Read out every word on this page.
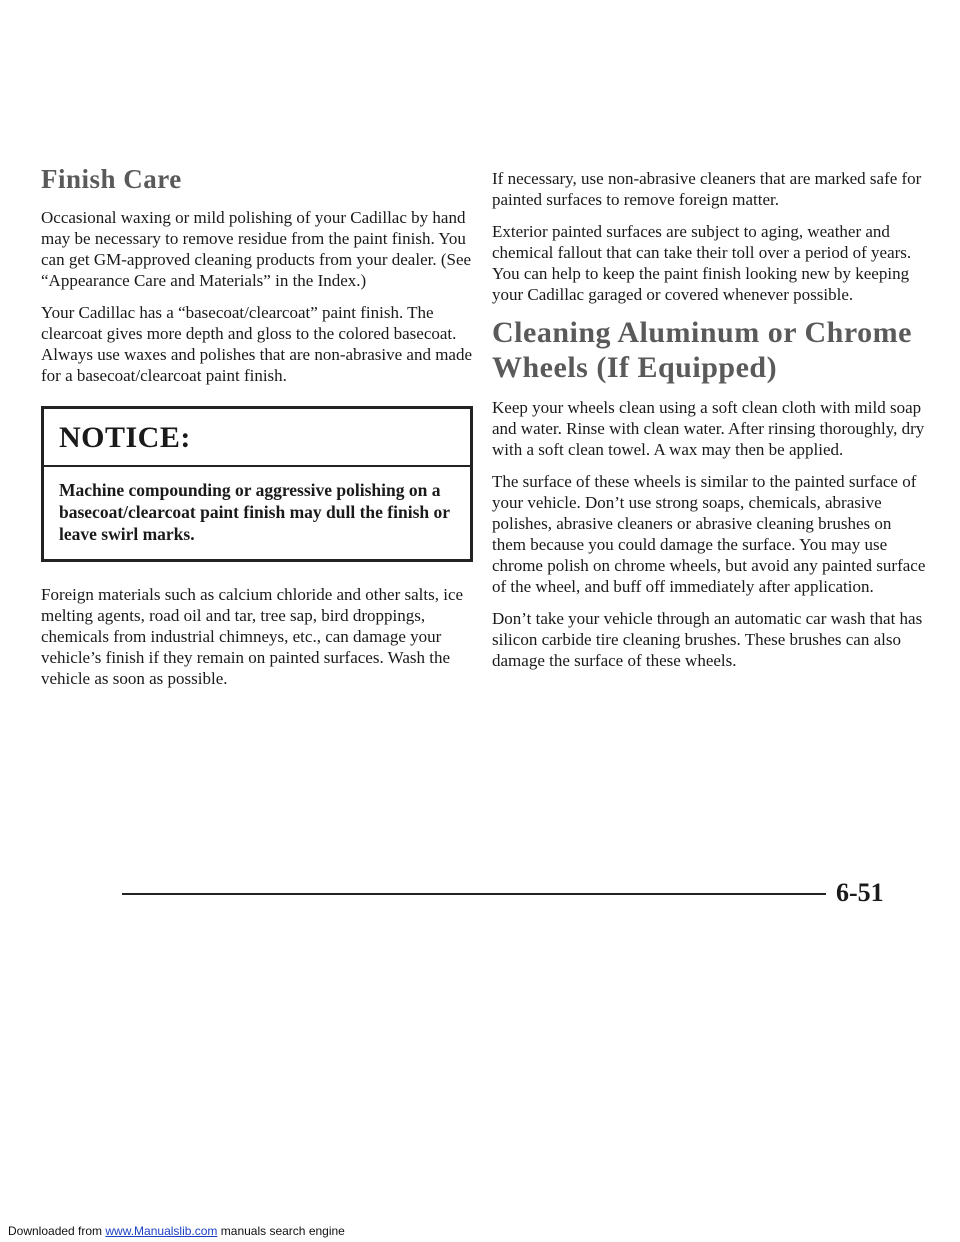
Downloaded from www.Manualslib.com manuals search engine
Finish Care

Occasional waxing or mild polishing of your Cadillac by hand may be necessary to remove residue from the paint finish. You can get GM-approved cleaning products from your dealer. (See “Appearance Care and Materials” in the Index.)

Your Cadillac has a “basecoat/clearcoat” paint finish. The clearcoat gives more depth and gloss to the colored basecoat. Always use waxes and polishes that are non-abrasive and made for a basecoat/clearcoat paint finish.

NOTICE:
Machine compounding or aggressive polishing on a basecoat/clearcoat paint finish may dull the finish or leave swirl marks.

Foreign materials such as calcium chloride and other salts, ice melting agents, road oil and tar, tree sap, bird droppings, chemicals from industrial chimneys, etc., can damage your vehicle’s finish if they remain on painted surfaces. Wash the vehicle as soon as possible.

If necessary, use non-abrasive cleaners that are marked safe for painted surfaces to remove foreign matter.

Exterior painted surfaces are subject to aging, weather and chemical fallout that can take their toll over a period of years. You can help to keep the paint finish looking new by keeping your Cadillac garaged or covered whenever possible.

Cleaning Aluminum or Chrome Wheels (If Equipped)

Keep your wheels clean using a soft clean cloth with mild soap and water. Rinse with clean water. After rinsing thoroughly, dry with a soft clean towel. A wax may then be applied.

The surface of these wheels is similar to the painted surface of your vehicle. Don’t use strong soaps, chemicals, abrasive polishes, abrasive cleaners or abrasive cleaning brushes on them because you could damage the surface. You may use chrome polish on chrome wheels, but avoid any painted surface of the wheel, and buff off immediately after application.

Don’t take your vehicle through an automatic car wash that has silicon carbide tire cleaning brushes. These brushes can also damage the surface of these wheels.

6-51
